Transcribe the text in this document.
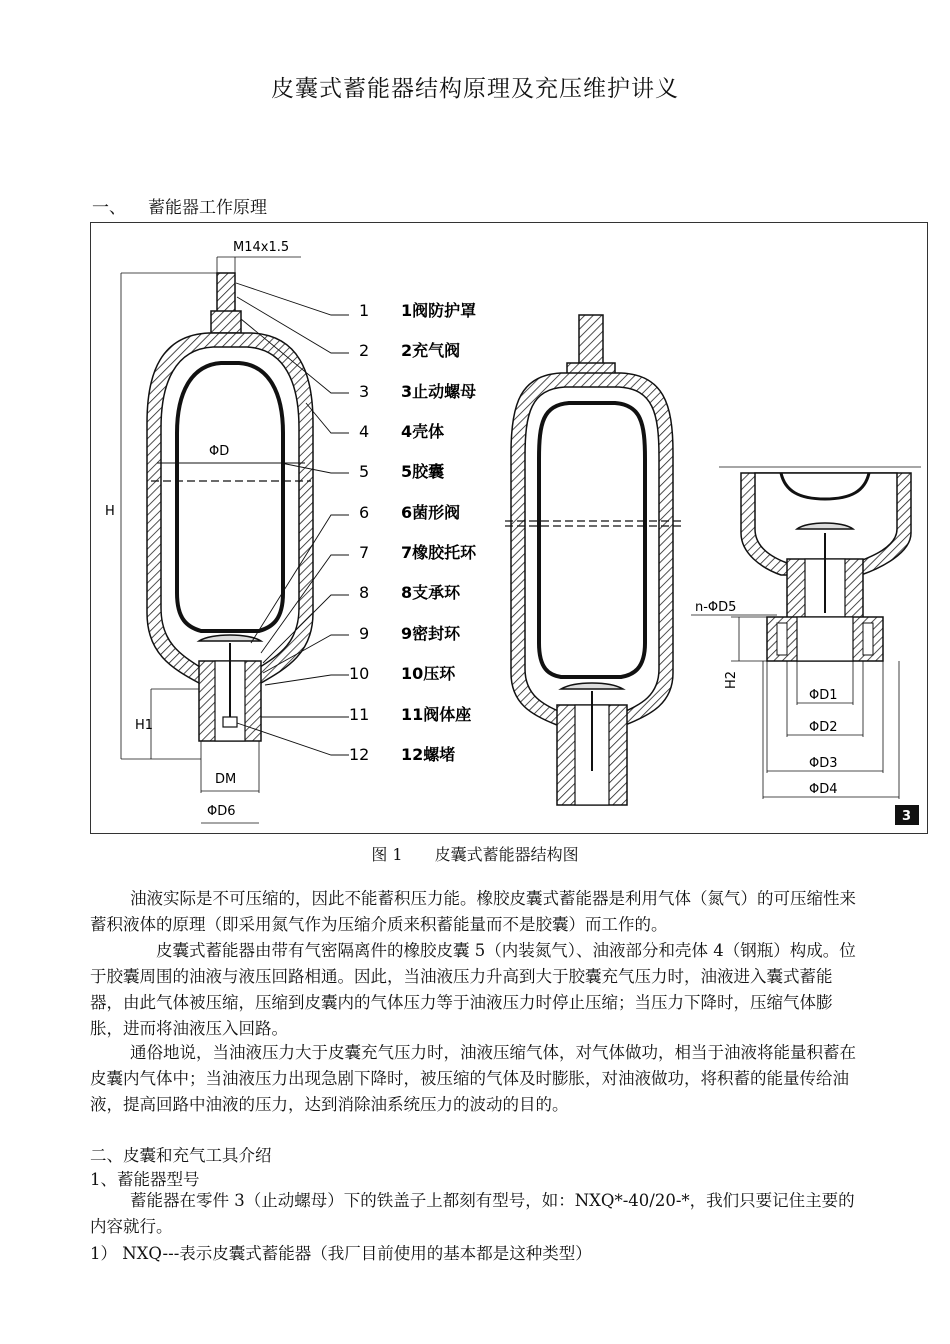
皮囊式蓄能器结构原理及充压维护讲义
一、 蓄能器工作原理
M14x1.5
ΦD
H
H1
DM
ΦD6
1
2
3
4
5
6
7
8
9
10
11
12
1阀防护罩
2充气阀
3止动螺母
4壳体
5胶囊
6菌形阀
7橡胶托环
8支承环
9密封环
10压环
11阀体座
12螺堵
n-ΦD5
H2
ΦD1
ΦD2
ΦD3
ΦD4
3
图 1 皮囊式蓄能器结构图
油液实际是不可压缩的，因此不能蓄积压力能。橡胶皮囊式蓄能器是利用气体（氮气）的可压缩性来蓄积液体的原理（即采用氮气作为压缩介质来积蓄能量而不是胶囊）而工作的。
皮囊式蓄能器由带有气密隔离件的橡胶皮囊 5（内装氮气）、油液部分和壳体 4（钢瓶）构成。位于胶囊周围的油液与液压回路相通。因此，当油液压力升高到大于胶囊充气压力时，油液进入囊式蓄能器，由此气体被压缩，压缩到皮囊内的气体压力等于油液压力时停止压缩；当压力下降时，压缩气体膨胀，进而将油液压入回路。
通俗地说，当油液压力大于皮囊充气压力时，油液压缩气体，对气体做功，相当于油液将能量积蓄在皮囊内气体中；当油液压力出现急剧下降时，被压缩的气体及时膨胀，对油液做功，将积蓄的能量传给油液，提高回路中油液的压力，达到消除油系统压力的波动的目的。
二、皮囊和充气工具介绍
1、蓄能器型号
蓄能器在零件 3（止动螺母）下的铁盖子上都刻有型号，如：NXQ*-40/20-*，我们只要记住主要的内容就行。
1） NXQ---表示皮囊式蓄能器（我厂目前使用的基本都是这种类型）
